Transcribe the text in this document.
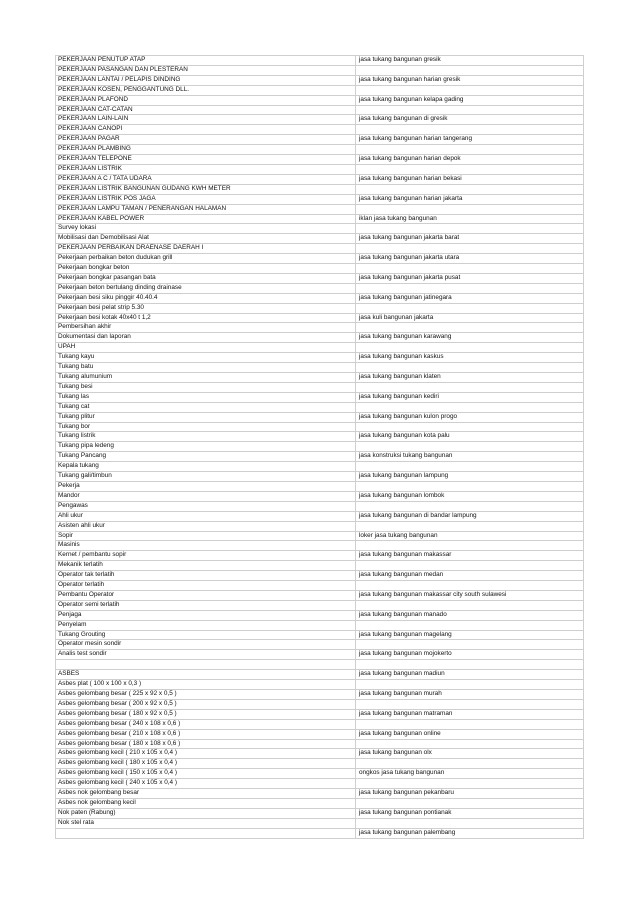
PEKERJAAN PENUTUP ATAP	jasa tukang bangunan gresik
PEKERJAAN PASANGAN DAN PLESTERAN	
PEKERJAAN LANTAI / PELAPIS DINDING	jasa tukang bangunan harian gresik
PEKERJAAN KOSEN, PENGGANTUNG DLL.	
PEKERJAAN PLAFOND	jasa tukang bangunan kelapa gading
PEKERJAAN CAT-CATAN	
PEKERJAAN LAIN-LAIN	jasa tukang bangunan di gresik
PEKERJAAN CANOPI	
PEKERJAAN PAGAR	jasa tukang bangunan harian tangerang
PEKERJAAN PLAMBING	
PEKERJAAN TELEPONE	jasa tukang bangunan harian depok
PEKERJAAN LISTRIK	
PEKERJAAN A C / TATA UDARA	jasa tukang bangunan harian bekasi
PEKERJAAN LISTRIK BANGUNAN GUDANG KWH METER	
PEKERJAAN LISTRIK POS JAGA	jasa tukang bangunan harian jakarta
PEKERJAAN LAMPU TAMAN / PENERANGAN HALAMAN	
PEKERJAAN KABEL POWER	iklan jasa tukang bangunan
Survey lokasi	
Mobilisasi dan Demobilisasi Alat	jasa tukang bangunan jakarta barat
PEKERJAAN PERBAIKAN DRAENASE DAERAH I	
Pekerjaan perbaikan beton dudukan grill	jasa tukang bangunan jakarta utara
Pekerjaan bongkar beton	
Pekerjaan bongkar pasangan bata	jasa tukang bangunan jakarta pusat
Pekerjaan beton bertulang dinding drainase	
Pekerjaan besi siku pinggir 40.40.4	jasa tukang bangunan jatinegara
Pekerjaan besi pelat strip 5.30	
Pekerjaan besi kotak 40x40 t 1,2	jasa kuli bangunan jakarta
Pembersihan akhir	
Dokumentasi dan laporan	jasa tukang bangunan karawang
UPAH	
Tukang kayu	jasa tukang bangunan kaskus
Tukang batu	
Tukang alumunium	jasa tukang bangunan klaten
Tukang besi	
Tukang las	jasa tukang bangunan kediri
Tukang cat	
Tukang plitur	jasa tukang bangunan kulon progo
Tukang bor	
Tukang listrik	jasa tukang bangunan kota palu
Tukang pipa ledeng	
Tukang Pancang	jasa konstruksi tukang bangunan
Kepala tukang	
Tukang gali/timbun	jasa tukang bangunan lampung
Pekerja	
Mandor	jasa tukang bangunan lombok
Pengawas	
Ahli ukur	jasa tukang bangunan di bandar lampung
Asisten ahli ukur	
Sopir	loker jasa tukang bangunan
Masinis	
Kernet / pembantu sopir	jasa tukang bangunan makassar
Mekanik terlatih	
Operator tak terlatih	jasa tukang bangunan medan
Operator terlatih	
Pembantu Operator	jasa tukang bangunan makassar city south sulawesi
Operator semi terlatih	
Penjaga	jasa tukang bangunan manado
Penyelam	
Tukang Grouting	jasa tukang bangunan magelang
Operator mesin sondir	
Analis test sondir	jasa tukang bangunan mojokerto

ASBES	jasa tukang bangunan madiun
Asbes plat ( 100 x 100 x 0,3 )	
Asbes gelombang besar ( 225 x 92 x 0,5 )	jasa tukang bangunan murah
Asbes gelombang besar ( 200 x 92 x 0,5 )	
Asbes gelombang besar ( 180 x 92 x 0,5 )	jasa tukang bangunan matraman
Asbes gelombang besar ( 240 x 108 x 0,6 )	
Asbes gelombang besar ( 210 x 108 x 0,6 )	jasa tukang bangunan online
Asbes gelombang besar ( 180 x 108 x 0,6 )	
Asbes gelombang kecil ( 210 x 105 x 0,4 )	jasa tukang bangunan olx
Asbes gelombang kecil ( 180 x 105 x 0,4 )	
Asbes gelombang kecil ( 150 x 105 x 0,4 )	ongkos jasa tukang bangunan
Asbes gelombang kecil ( 240 x 105 x 0,4 )	
Asbes nok gelombang besar	jasa tukang bangunan pekanbaru
Asbes nok gelombang kecil	
Nok paten (Rabung)	jasa tukang bangunan pontianak
Nok stel rata	
	jasa tukang bangunan palembang
